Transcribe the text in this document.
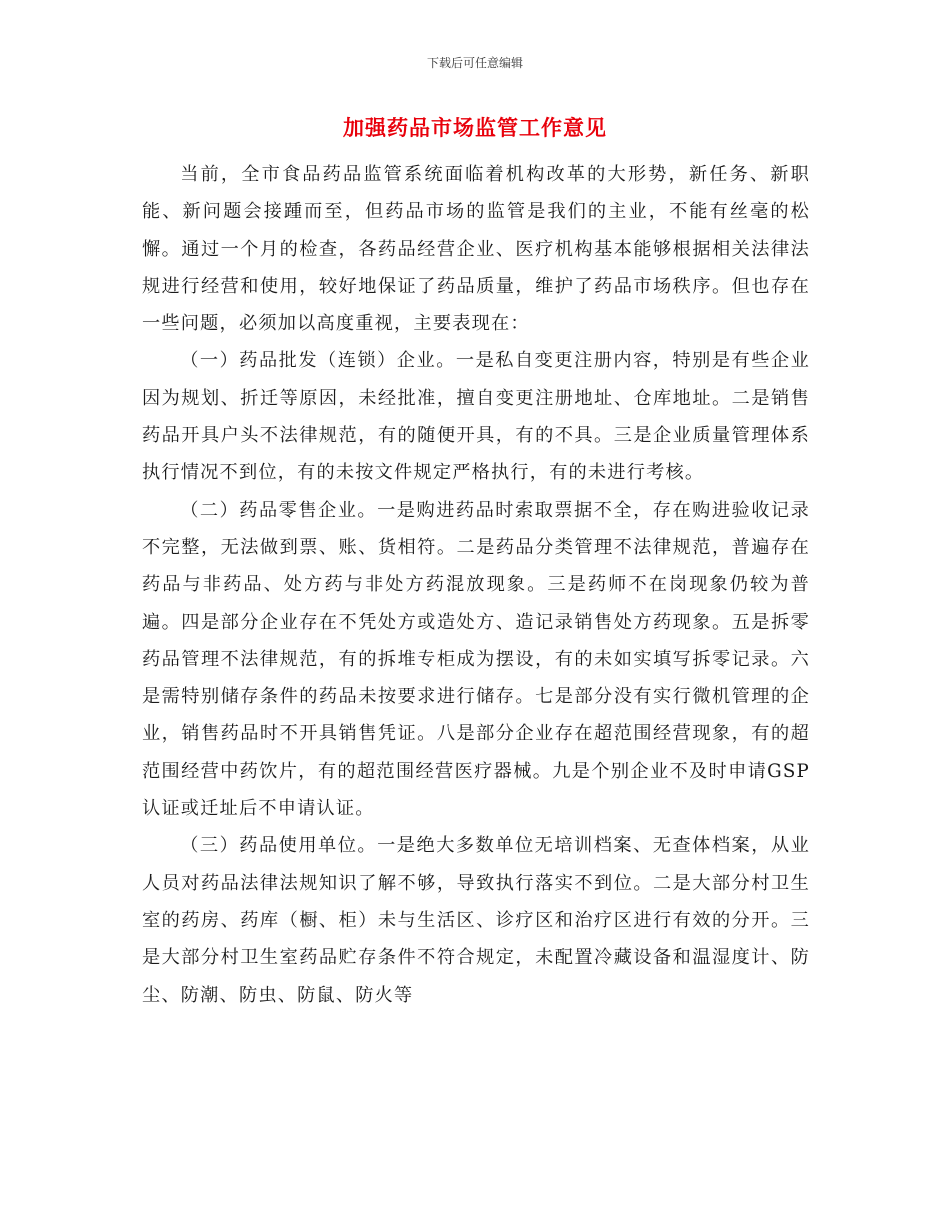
下载后可任意编辑
加强药品市场监管工作意见

当前，全市食品药品监管系统面临着机构改革的大形势，新任务、新职能、新问题会接踵而至，但药品市场的监管是我们的主业，不能有丝毫的松懈。通过一个月的检查，各药品经营企业、医疗机构基本能够根据相关法律法规进行经营和使用，较好地保证了药品质量，维护了药品市场秩序。但也存在一些问题，必须加以高度重视，主要表现在：

（一）药品批发（连锁）企业。一是私自变更注册内容，特别是有些企业因为规划、折迁等原因，未经批准，擅自变更注册地址、仓库地址。二是销售药品开具户头不法律规范，有的随便开具，有的不具。三是企业质量管理体系执行情况不到位，有的未按文件规定严格执行，有的未进行考核。

（二）药品零售企业。一是购进药品时索取票据不全，存在购进验收记录不完整，无法做到票、账、货相符。二是药品分类管理不法律规范，普遍存在药品与非药品、处方药与非处方药混放现象。三是药师不在岗现象仍较为普遍。四是部分企业存在不凭处方或造处方、造记录销售处方药现象。五是拆零药品管理不法律规范，有的拆堆专柜成为摆设，有的未如实填写拆零记录。六是需特别储存条件的药品未按要求进行储存。七是部分没有实行微机管理的企业，销售药品时不开具销售凭证。八是部分企业存在超范围经营现象，有的超范围经营中药饮片，有的超范围经营医疗器械。九是个别企业不及时申请GSP认证或迁址后不申请认证。

（三）药品使用单位。一是绝大多数单位无培训档案、无查体档案，从业人员对药品法律法规知识了解不够，导致执行落实不到位。二是大部分村卫生室的药房、药库（橱、柜）未与生活区、诊疗区和治疗区进行有效的分开。三是大部分村卫生室药品贮存条件不符合规定，未配置冷藏设备和温湿度计、防尘、防潮、防虫、防鼠、防火等
